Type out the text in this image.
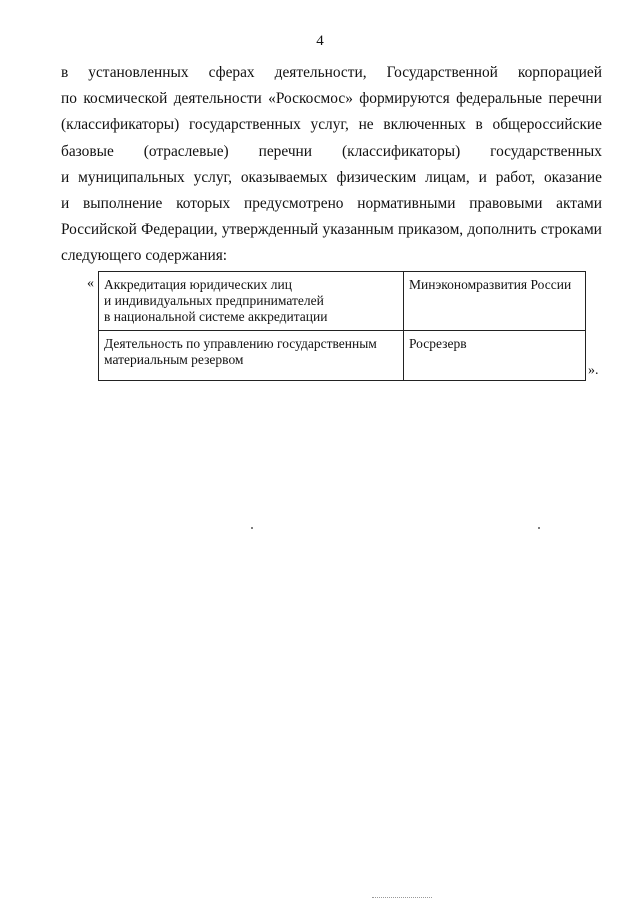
4
в установленных сферах деятельности, Государственной корпорацией
по космической деятельности «Роскосмос» формируются федеральные перечни
(классификаторы) государственных услуг, не включенных в общероссийские
базовые (отраслевые) перечни (классификаторы) государственных
и муниципальных услуг, оказываемых физическим лицам, и работ, оказание
и выполнение которых предусмотрено нормативными правовыми актами
Российской Федерации, утвержденный указанным приказом, дополнить строками
следующего содержания:
« Аккредитация юридических лиц
и индивидуальных предпринимателей
в национальной системе аккредитации	Минэкономразвития России
Деятельность по управлению государственным
материальным резервом	Росрезерв
».
